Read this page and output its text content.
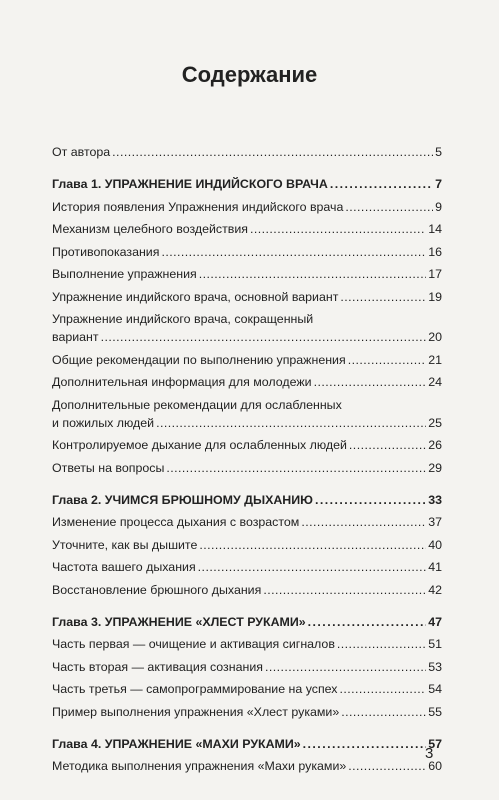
Содержание
От автора . . .	5
Глава 1. УПРАЖНЕНИЕ ИНДИЙСКОГО ВРАЧА . . .	7
История появления Упражнения индийского врача . . .	9
Механизм целебного воздействия . . .	14
Противопоказания . . .	16
Выполнение упражнения . . .	17
Упражнение индийского врача, основной вариант . . .	19
Упражнение индийского врача, сокращенный
вариант . . .	20
Общие рекомендации по выполнению упражнения . . .	21
Дополнительная информация для молодежи . . .	24
Дополнительные рекомендации для ослабленных
и пожилых людей . . .	25
Контролируемое дыхание для ослабленных людей . . .	26
Ответы на вопросы . . .	29
Глава 2. УЧИМСЯ БРЮШНОМУ ДЫХАНИЮ . . .	33
Изменение процесса дыхания с возрастом . . .	37
Уточните, как вы дышите . . .	40
Частота вашего дыхания . . .	41
Восстановление брюшного дыхания . . .	42
Глава 3. УПРАЖНЕНИЕ «ХЛЕСТ РУКАМИ» . . .	47
Часть первая — очищение и активация сигналов . . .	51
Часть вторая — активация сознания . . .	53
Часть третья — самопрограммирование на успех . . .	54
Пример выполнения упражнения «Хлест руками» . . .	55
Глава 4. УПРАЖНЕНИЕ «МАХИ РУКАМИ» . . .	57
Методика выполнения упражнения «Махи руками» . . .	60
3
